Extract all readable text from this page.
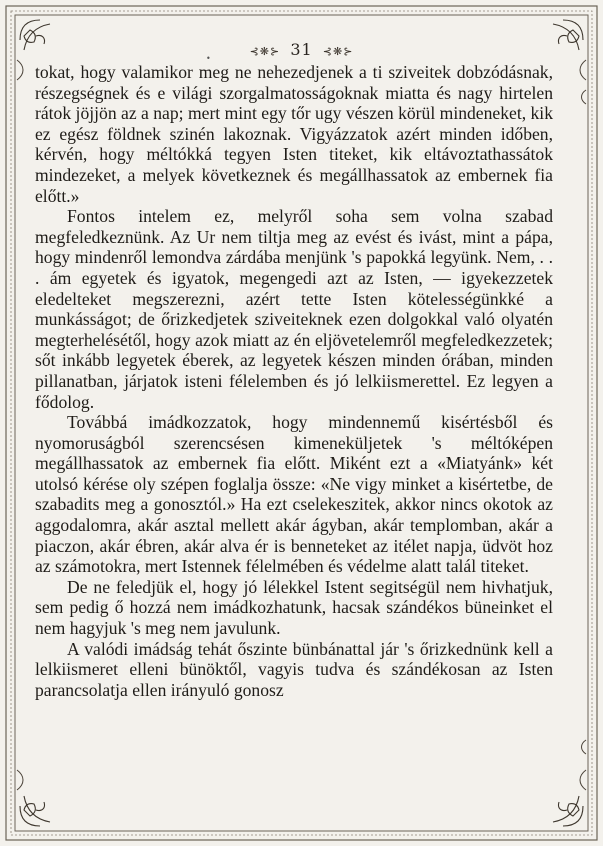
•
⊰❋⊱ 31 ⊰❋⊱

tokat, hogy valamikor meg ne nehezedjenek a ti sziveitek dobzódásnak, részegségnek és e világi szorgalmatosságoknak miatta és nagy hirtelen rátok jöjjön az a nap; mert mint egy tőr ugy vészen körül mindeneket, kik ez egész földnek szinén lakoznak. Vigyázzatok azért minden időben, kérvén, hogy méltókká tegyen Isten titeket, kik eltávoztathassátok mindezeket, a melyek következnek és megállhassatok az embernek fia előtt.»

Fontos intelem ez, melyről soha sem volna szabad megfeledkeznünk. Az Ur nem tiltja meg az evést és ivást, mint a pápa, hogy mindenről lemondva zárdába menjünk 's papokká legyünk. Nem, . . . ám egyetek és igyatok, megengedi azt az Isten, — igyekezzetek eledelteket megszerezni, azért tette Isten kötelességünkké a munkásságot; de őrizkedjetek sziveiteknek ezen dolgokkal való olyatén megterhelésétől, hogy azok miatt az én eljövetelemről megfeledkezzetek; sőt inkább legyetek éberek, az legyetek készen minden órában, minden pillanatban, járjatok isteni félelemben és jó lelkiismerettel. Ez legyen a fődolog.

Továbbá imádkozzatok, hogy mindennemű kisértésből és nyomoruságból szerencsésen kimeneküljetek 's méltóképen megállhassatok az embernek fia előtt. Miként ezt a «Miatyánk» két utolsó kérése oly szépen foglalja össze: «Ne vigy minket a kisértetbe, de szabadits meg a gonosztól.» Ha ezt cselekeszitek, akkor nincs okotok az aggodalomra, akár asztal mellett akár ágyban, akár templomban, akár a piaczon, akár ébren, akár alva ér is benneteket az itélet napja, üdvöt hoz az számotokra, mert Istennek félelmében és védelme alatt talál titeket.

De ne feledjük el, hogy jó lélekkel Istent segitségül nem hivhatjuk, sem pedig ő hozzá nem imádkozhatunk, hacsak szándékos büneinket el nem hagyjuk 's meg nem javulunk.

A valódi imádság tehát őszinte bünbánattal jár 's őrizkednünk kell a lelkiismeret elleni bünöktől, vagyis tudva és szándékosan az Isten parancsolatja ellen irányuló gonosz
